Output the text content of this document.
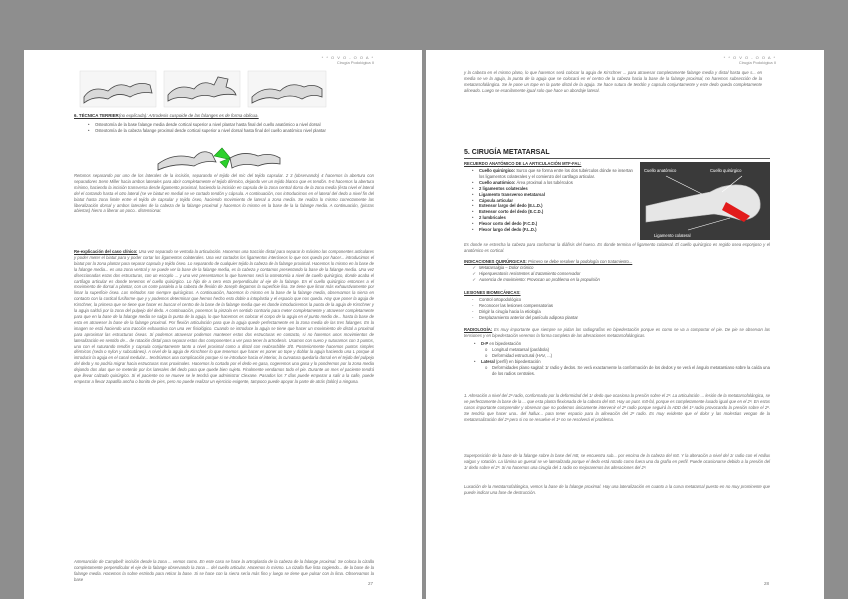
* * O V O - O O A *
Cirugía Podológica II
6. TÉCNICA TERRIER(no explicada): Artrodesis cuspoide de las falanges es de forma oblicua.
• Osteotomía de la base falange media desde cortical superior a nivel plantar hasta final del cuello anatómico a nivel dorsal
• Osteotomía de la cabeza falange proximal desde cortical superior a nivel dorsal hasta final del cuello anatómico nivel plantar
Retomos separando por uno de los laterales de la incisión, separando el tejido del mic del tejido capsular. 2 3 (observando) 4 hacemos la abertura con separadores Senn Miller hacia ambos laterales para abrir completamente el tejido dérmico, dejando ver un tejido blanco que es tendón. 5-6 hacemos la abertura mínimo, haciendo la incisión transversa desde ligamento proximal, haciendo la incisión en capsula de la zona central dorso de la zona media (ésta nivel el lateral del el cortando hasta el otro lateral (se ve biatut en medial se ve cortado tendón y cápsula. A continuación, nos introducimos en el lateral del dedo a nivel fin del biatut hasta zona limite entre el tejido de capsular y tejido óseo, haciendo movimiento de lateral a zona media. Se realiza lo mismo correctamente las liberalización dorsal y ambos laterales de la cabeza de la falange proximal y hacemos lo mismo en la base de la la falange media. A continuación, (pinzas abiertas) hierro a liberar un poco.. distensionar.
Re-explicación del caso clínico: Una vez separado se vertoda la articulación. Hacemos una tracción distal para separar lo máximo las componentes articulares y poder meter el biatut para y poder cortar los ligamentos colaterales. Una vez cortados los ligamentos interóseos lo que nos queda por hacer... introducimos el biatut por la zona plantar para separar capsula y tejido óseo. Lo separando de cualquier tejido la cabeza de la falange proximal. Hacemos lo mismo en la base de la falange media... es una zona ventral y se puede ver la base de la falange media, es la cabeza y contamos presentando la base de la falange media. Una vez diseccionadas estas dos estructuras, con un escoplo ... y una vez presentamos lo que haremos será la osteotomía a nivel de cuello quirúrgico, donde acaba el cartílago articular es donde tenemos el cuello quirúrgico. Lo hijo de a cero esta perpendicular al eje de la falange. En el cuello quirúrgico entonces a el movimiento de dorsal a plantar, con un corte paralela a la cabeza de flexión de Joseph degamos la superficie lisa. Se tiene que limar más exhaustivamente por limar la superficie ósea. Los métodos son siempre quirúrgicos. A continuación, hacemos lo mismo en la base de la falange media, observamos la sierra en contacto con la cortical fusiforme que y y podemos determinar que hemos hecho esto doble a intoplastia y el espacio que nos queda. Hay que poner la aguja de Kirschner, la primera que se tiene que hacer es buscar el centro de la base de la falange media que es donde introduciremos la punta de la aguja de Kirschner y la aguja saldrá por la zona del pulpejo del dedo. A continuación, ponemos la pinzola en sentido contrario para meter completamente y atraveser completamente para que en la base de la falange media se salga la punta de la aguja, lo que hacemos es colocar el corpo de la aguja en el punto medio de... hasta la base de esta en atraveser la base de la falange proximal. Por flexión articulación para que la aguja quede perfectamente en la zona media de las tres falanges. En la imagen se está haciendo una tracción exhaustiva con una ver fisiológico. Cuando se introduce la aguja se tiene que hacer un movimiento de distal a proximal para aproximar las estructuras óseas. Si podemos atravesar podemos mantener estos dos estructuras en contacto, si no haremos unos movimientos de lateralización en sentido de... de rotación distal para separar estos dos componentes a ver para tener la artrodesis. Usamos con suero y suturamos con 3 puntos, una con el suturando tendón y capsula conjuntamente tanto a nivel proximal como a distal con reabsorbible 3/0. Posteriormente hacemos puntos simples dérmicos (seda o nylon y subcutáneo). A nivel de la aguja de Kirschner lo que tenemos que hacer es poner un tope y doblar la aguja haciendo una L porque al introducir la aguja en el canal medular... tendríamos una complicación porque si se introduce hacia el interior, la curvatura quedaría dorsal en el tejido del pulpejo del dedo y no podría migrar hacia estructuras mas proximales. Hacemos lo cortado por el dedo en gasa, cogeremos una gasa y lo pondremos por la zona media dejando dos alas que se meterán por los laterales del dedo para que quede bien sujeto. Finalmente vendamos todo el pie. Durante un mes el paciente tendrá que llevar calzado quirúrgico. Si el paciente no se mueve se le tendrá que administrar Clexane. Pasados los 7 días puede empezar a salir a la calle, puede empezar a llevar zapatilla ancha o bonito de pies, pero no puede realizar un ejercicio exigente, tampoco puede apoyar la parte de atrás (talón) a ninguna.
Artemanción de Campbell: incisión desde la zona ... vemos como. En este caso se hace la artroplastia de la cabeza de la falange proximal. Se coloca la cizalla completamente perpendicular el eje de la falange observando la zona ... del cuello articular. Hacemos lo mismo. La cizalla flue lista cogiendo... de la base de la falange media. Hacemos la sobre estrindo para retirar la base. Si se hace con la sierra sería más fino y luego se tiene que pulsar con la lima. Observamos la base
27
* * O V O - O O A *
Cirugía Podológica II
y la cabeza en el mismo plano, lo que haremos será colocar la aguja de Kirschner ... para atravesar completamente falange media y distal hasta que s... en media se ve la aguja, la punta de la aguja que se colocará en el centro de la cabeza hacia la base de la falange proximal, no haremos subsección de la metatarsofalángica. Se le pone un tope en la parte distal de la aguja. Se hace sutura de tendón y capsula conjuntamente y este dedo queda completamente alineado. Luego se esanilamente igual solo que hace un abordaje lateral.
5. CIRUGÍA METATARSAL
RECUERDO ANATÓMICO DE LA ARTICULACIÓN MTF-FAL:
• Cuello quirúrgico: Surco que se forma entre los dos tubérculos dónde se insertan los ligamentos colaterales y el comienzo del cartílago articular.
• Cuello anatómico: Área proximal a los tubérculos
• 2 ligamentos colaterales
• Ligamento transverso metatarsal
• Cápsula articular
• Extensor largo del dedo (E.L.D.)
• Extensor corto del dedo (E.C.D.)
• 2 lumbricales
• Flexor corto del dedo (F.C.D.)
• Flexor largo del dedo (F.L.D.)
Cuello anatómico	Cuello quirúrgico
Ligamento colateral
Es donde se estrecha la cabeza para conformar la diáfisis del hueso. Es donde termina el ligamento colateral. El cuello quirúrgico es regido osea esponjoso y el anatómico es cortical.
INDICACIONES QUIRÚRGICAS: Primero se debe resolver la podología con tratamiento...
✓ Metatarsalgia – Dolor crónico
✓ Hiperqueratosis resistentes al tratamiento conservador
✓ Ausencia de movimiento: Provocan un problema en la propulsión
LESIONES BIOMECÁNICAS:
- Control ortopodológico
- Reconocer las lesiones compensatorias
- Dirigir la cirugía hacia la etiología
- Desplazamiento anterior del panículo adiposo plantar
RADIOLOGÍA: Es muy importante que siempre se pidan las radiografías en bipedestación porque es como se va a comportar el pie. De pie se observan las tensiones y en bipedestación veremos la forma completa de las alteraciones metatarsofalángicas.
• D-P en bipedestación
o Longitud metatarsal (parábola)
o Deformidad estructural (HAV, ...)
• Lateral (perfil) en bipedestación
o Deformidades plano sagital: 1r radio y dedos. Se verá exactamente la conformación de los dedos y se verá el ángulo metatarsiano sobre la caída una de los radios centrales.
1. Alteración a nivel del 2º radio, conformado por la deformidad del 1r dedo que ocasiona la presión sobre el 2º. La articulación ... lesión de la metatarsofalángica, se ve perfectamente la base de la ... que esta planta flexionada de la cabeza del mtt. Hay un punt. mtt-fal, porque es completamente luxado igual que en el 2º. En estos casos importante comprender y observar que no podemos únicamente intervenir el 2º radio porque seguirá la ADD del 1º radio provocando la presión sobre el 2º. Se tendría que hacer una.. del hallux... para tener espacio para la alineación del 2º radio. Es muy evidente que el dolor y las molestias vengan de la metatarsalización del 2º pero si no se resuelve el 1º no se resolverá el problema.
Superposición de la base de la falange sobre la base del mtt, se encuentra sub... por encima de la cabeza del mtt. Y la alteración a nivel del 1r radio con el Hallux valgus y rotación. La lámina un guesal se ve lateralizada porque el dedo está rotado como fuera una da grafía en perfil. Puede ocasionarse debido a la presión del 1r dedo sobre el 2º. Si no hacemos una cirugía del 1 radio no mejoraremos las alteraciones del 2º.
Luxación de la metatarsofalángica, vemos la base de la falange proximal. Hay una lateralización en cuanto a la curva metatarsal puesto en no muy prominente que puede indicar una fase de destrucción.
28
